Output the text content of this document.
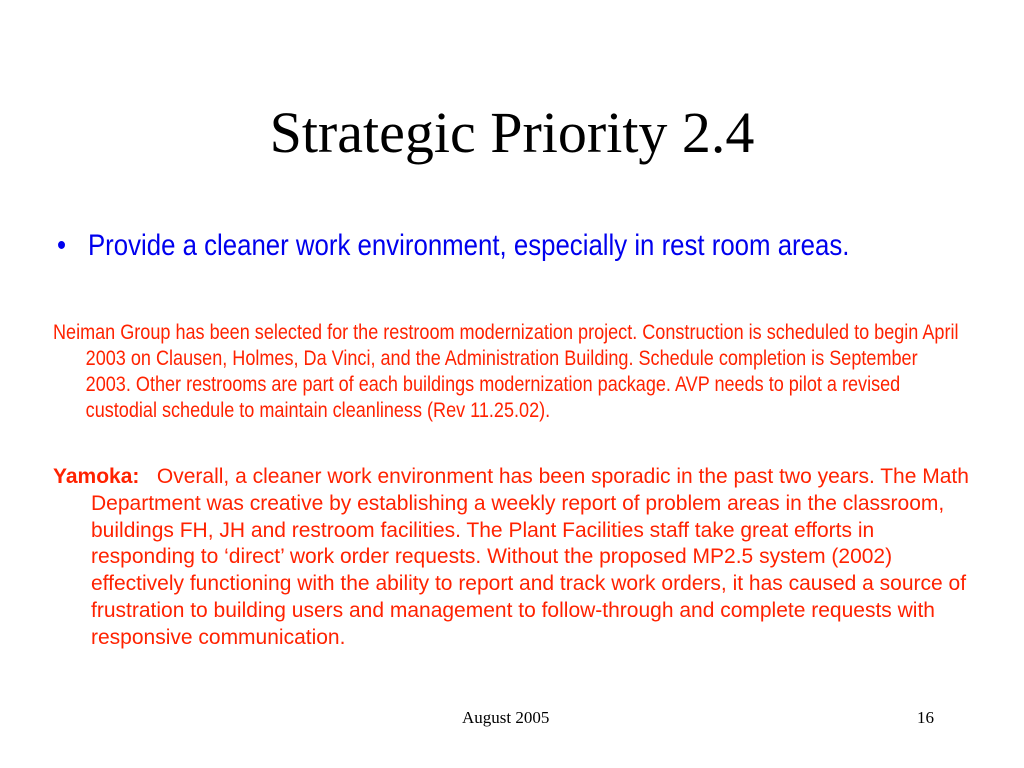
Strategic Priority 2.4
• Provide a cleaner work environment, especially in rest room areas.
Neiman Group has been selected for the restroom modernization project. Construction is scheduled to begin April 2003 on Clausen, Holmes, Da Vinci, and the Administration Building. Schedule completion is September 2003. Other restrooms are part of each buildings modernization package. AVP needs to pilot a revised custodial schedule to maintain cleanliness (Rev 11.25.02).
Yamoka: Overall, a cleaner work environment has been sporadic in the past two years. The Math Department was creative by establishing a weekly report of problem areas in the classroom, buildings FH, JH and restroom facilities. The Plant Facilities staff take great efforts in responding to ‘direct’ work order requests. Without the proposed MP2.5 system (2002) effectively functioning with the ability to report and track work orders, it has caused a source of frustration to building users and management to follow-through and complete requests with responsive communication.
August 2005	16
